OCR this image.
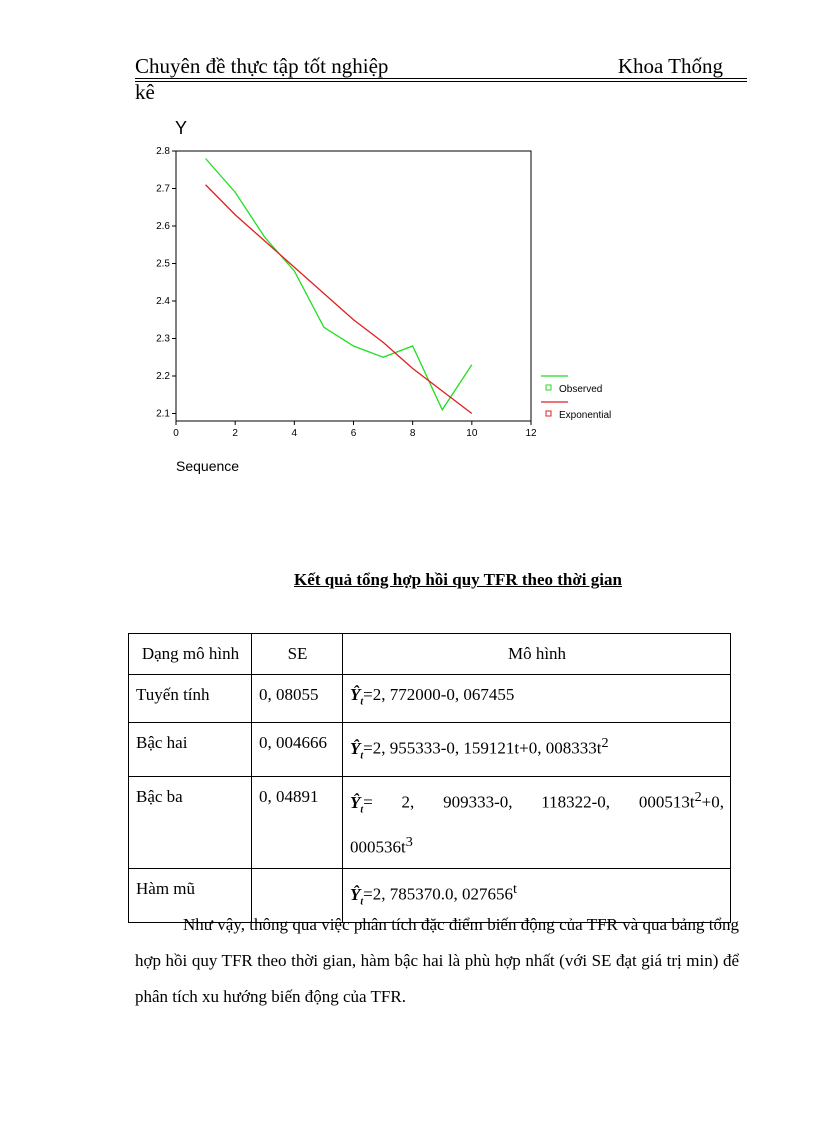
Chuyên đề thực tập tốt nghiệp	Khoa Thống
kê
2.8
2.7
2.6
2.5
2.4
2.3
2.2
2.1
0	2	4	6	8	10	12
Y
Sequence
Observed
Exponential
Kết quả tổng hợp hồi quy TFR theo thời gian
Dạng mô hình	SE	Mô hình
Tuyến tính	0, 08055	$Ŷ_t=2$, 772000-0, 067455
Bậc hai	0, 004666	$Ŷ_t=2$, 955333-0, 159121t+0, $008333t^2$
Bậc ba	0, 04891	$Ŷ_t= 2$,   909333-0,   118322-0,   $000513t^2+0$,
$000536t^3$
Hàm mũ		$Ŷ_t=2$, 785370.0, 027656$^t$
Như vậy, thông qua việc phân tích đặc điểm biến động của TFR và qua bảng tổng hợp hồi quy TFR theo thời gian, hàm bậc hai là phù hợp nhất (với SE đạt giá trị min) để phân tích xu hướng biến động của TFR.
